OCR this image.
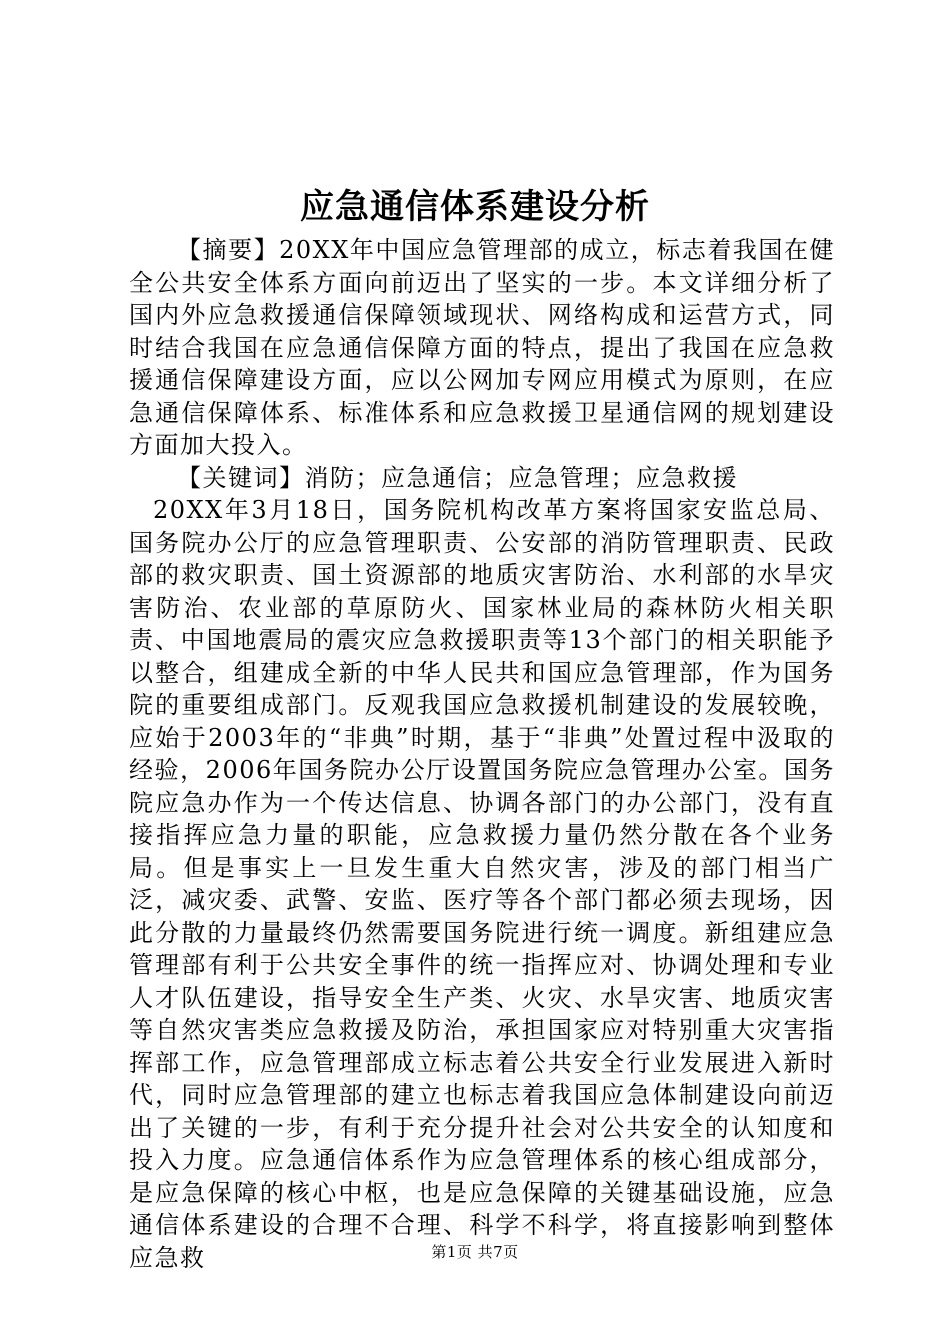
应急通信体系建设分析

【摘要】20XX年中国应急管理部的成立，标志着我国在健全公共安全体系方面向前迈出了坚实的一步。本文详细分析了国内外应急救援通信保障领域现状、网络构成和运营方式，同时结合我国在应急通信保障方面的特点，提出了我国在应急救援通信保障建设方面，应以公网加专网应用模式为原则，在应急通信保障体系、标准体系和应急救援卫星通信网的规划建设方面加大投入。

【关键词】消防；应急通信；应急管理；应急救援

20XX年3月18日，国务院机构改革方案将国家安监总局、国务院办公厅的应急管理职责、公安部的消防管理职责、民政部的救灾职责、国土资源部的地质灾害防治、水利部的水旱灾害防治、农业部的草原防火、国家林业局的森林防火相关职责、中国地震局的震灾应急救援职责等13个部门的相关职能予以整合，组建成全新的中华人民共和国应急管理部，作为国务院的重要组成部门。反观我国应急救援机制建设的发展较晚，应始于2003年的“非典”时期，基于“非典”处置过程中汲取的经验，2006年国务院办公厅设置国务院应急管理办公室。国务院应急办作为一个传达信息、协调各部门的办公部门，没有直接指挥应急力量的职能，应急救援力量仍然分散在各个业务局。但是事实上一旦发生重大自然灾害，涉及的部门相当广泛，减灾委、武警、安监、医疗等各个部门都必须去现场，因此分散的力量最终仍然需要国务院进行统一调度。新组建应急管理部有利于公共安全事件的统一指挥应对、协调处理和专业人才队伍建设，指导安全生产类、火灾、水旱灾害、地质灾害等自然灾害类应急救援及防治，承担国家应对特别重大灾害指挥部工作，应急管理部成立标志着公共安全行业发展进入新时代，同时应急管理部的建立也标志着我国应急体制建设向前迈出了关键的一步，有利于充分提升社会对公共安全的认知度和投入力度。应急通信体系作为应急管理体系的核心组成部分，是应急保障的核心中枢，也是应急保障的关键基础设施，应急通信体系建设的合理不合理、科学不科学，将直接影响到整体应急救	第1页 共7页
